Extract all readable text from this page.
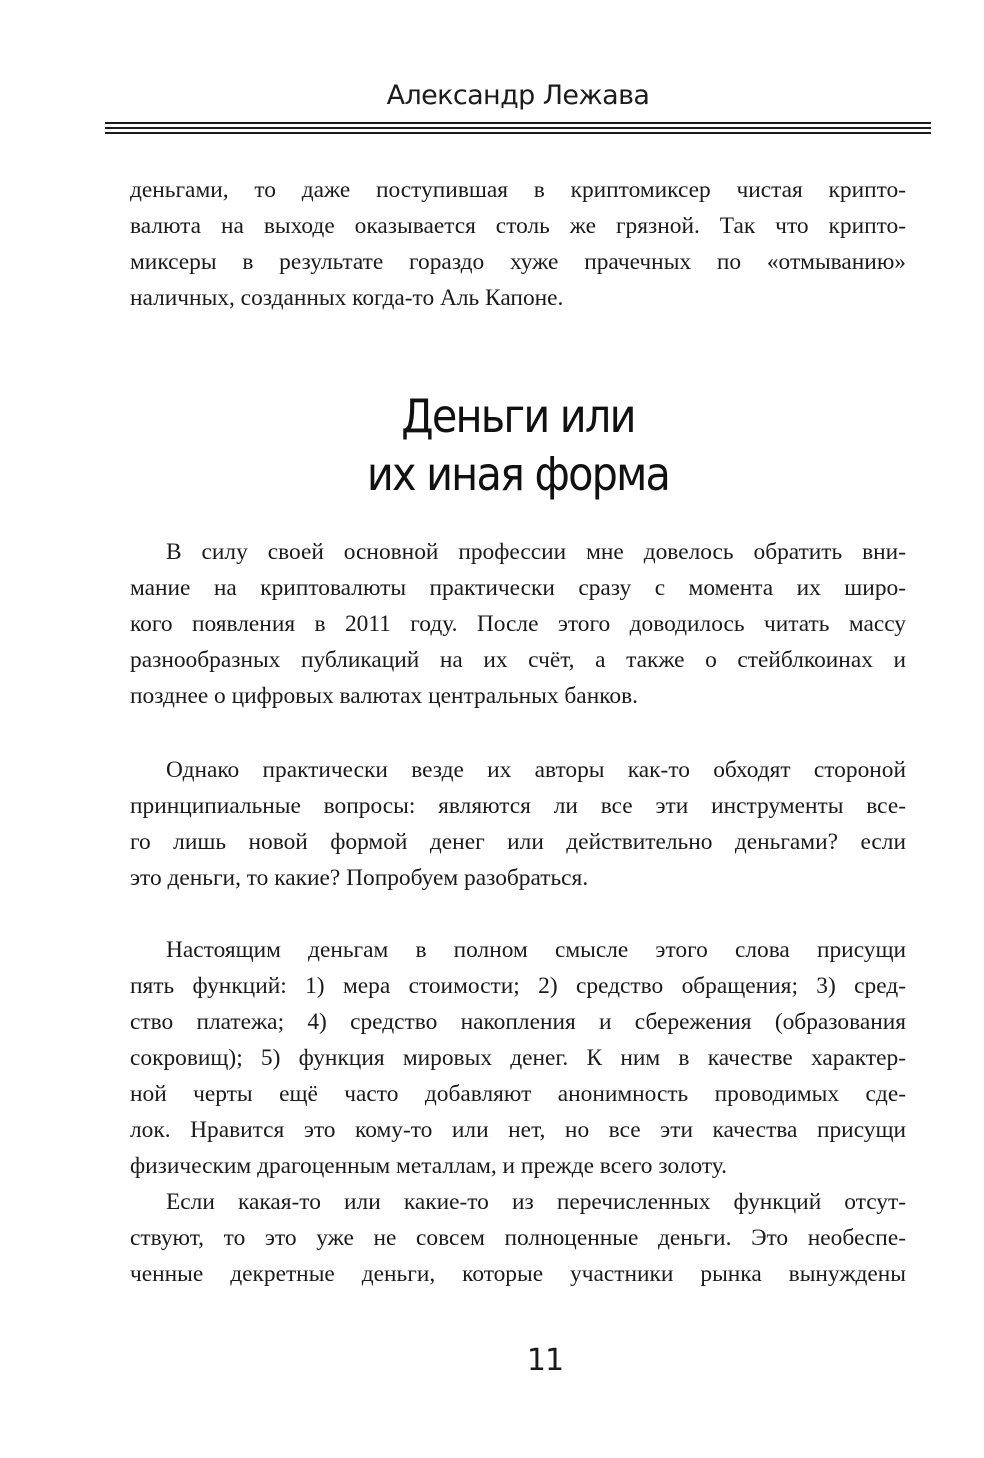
Александр Лежава
деньгами, то даже поступившая в криптомиксер чистая крипто-
валюта на выходе оказывается столь же грязной. Так что крипто-
миксеры в результате гораздо хуже прачечных по «отмыванию»
наличных, созданных когда-то Аль Капоне.
Деньги или
их иная форма
В силу своей основной профессии мне довелось обратить вни-
мание на криптовалюты практически сразу с момента их широ-
кого появления в 2011 году. После этого доводилось читать массу
разнообразных публикаций на их счёт, а также о стейблкоинах и
позднее о цифровых валютах центральных банков.
Однако практически везде их авторы как-то обходят стороной
принципиальные вопросы: являются ли все эти инструменты все-
го лишь новой формой денег или действительно деньгами? если
это деньги, то какие? Попробуем разобраться.
Настоящим деньгам в полном смысле этого слова присущи
пять функций: 1) мера стоимости; 2) средство обращения; 3) сред-
ство платежа; 4) средство накопления и сбережения (образования
сокровищ); 5) функция мировых денег. К ним в качестве характер-
ной черты ещё часто добавляют анонимность проводимых сде-
лок. Нравится это кому-то или нет, но все эти качества присущи
физическим драгоценным металлам, и прежде всего золоту.
Если какая-то или какие-то из перечисленных функций отсут-
ствуют, то это уже не совсем полноценные деньги. Это необеспе-
ченные декретные деньги, которые участники рынка вынуждены
11
